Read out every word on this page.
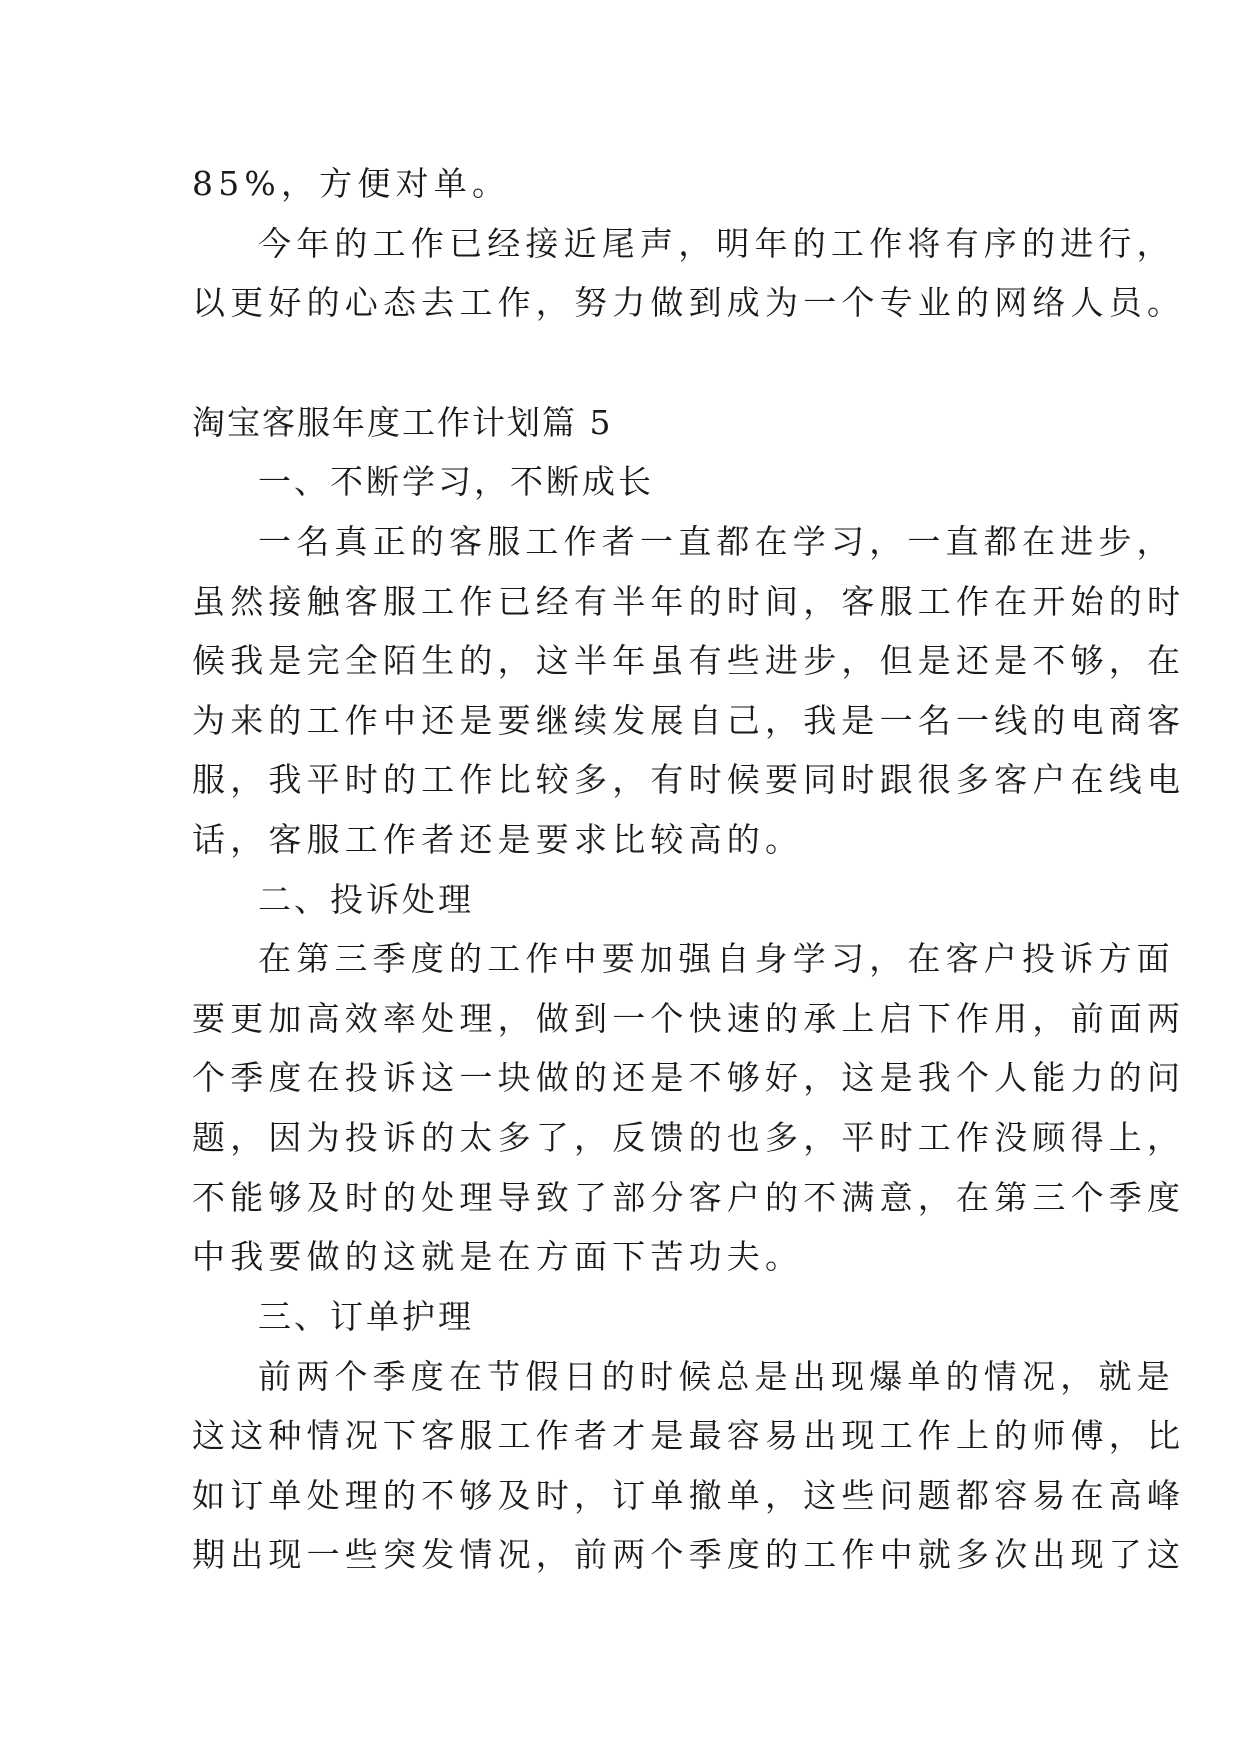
85%，方便对单。

今年的工作已经接近尾声，明年的工作将有序的进行，

以更好的心态去工作，努力做到成为一个专业的网络人员。

淘宝客服年度工作计划篇 5

一、不断学习，不断成长

一名真正的客服工作者一直都在学习，一直都在进步，

虽然接触客服工作已经有半年的时间，客服工作在开始的时

候我是完全陌生的，这半年虽有些进步，但是还是不够，在

为来的工作中还是要继续发展自己，我是一名一线的电商客

服，我平时的工作比较多，有时候要同时跟很多客户在线电

话，客服工作者还是要求比较高的。

二、投诉处理

在第三季度的工作中要加强自身学习，在客户投诉方面

要更加高效率处理，做到一个快速的承上启下作用，前面两

个季度在投诉这一块做的还是不够好，这是我个人能力的问

题，因为投诉的太多了，反馈的也多，平时工作没顾得上，

不能够及时的处理导致了部分客户的不满意，在第三个季度

中我要做的这就是在方面下苦功夫。

三、订单护理

前两个季度在节假日的时候总是出现爆单的情况，就是

这这种情况下客服工作者才是最容易出现工作上的师傅，比

如订单处理的不够及时，订单撤单，这些问题都容易在高峰

期出现一些突发情况，前两个季度的工作中就多次出现了这
